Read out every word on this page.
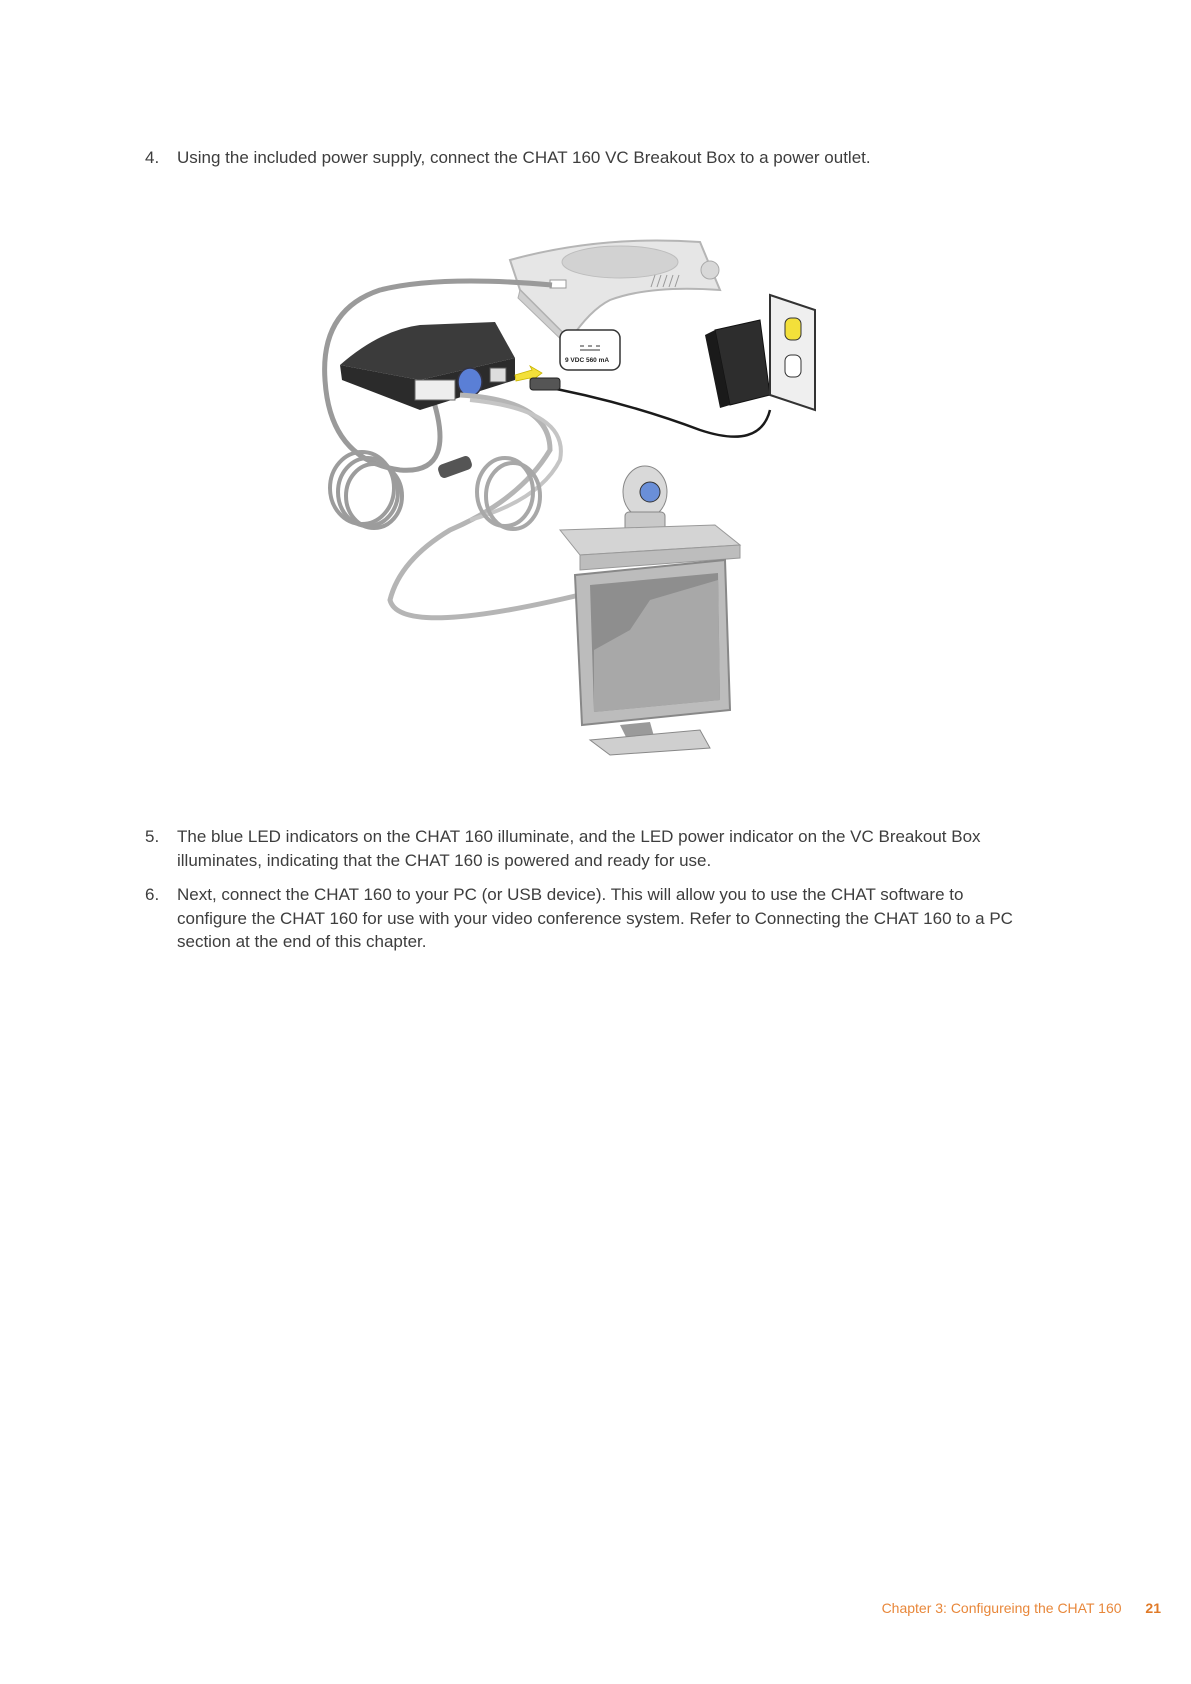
4. Using the included power supply, connect the CHAT 160 VC Breakout Box to a power outlet.
9 VDC 560 mA
5. The blue LED indicators on the CHAT 160 illuminate, and the LED power indicator on the VC Breakout Box illuminates, indicating that the CHAT 160 is powered and ready for use.
6. Next, connect the CHAT 160 to your PC (or USB device). This will allow you to use the CHAT software to configure the CHAT 160 for use with your video conference system. Refer to Connecting the CHAT 160 to a PC section at the end of this chapter.
Chapter 3: Configureing the CHAT 160 21
